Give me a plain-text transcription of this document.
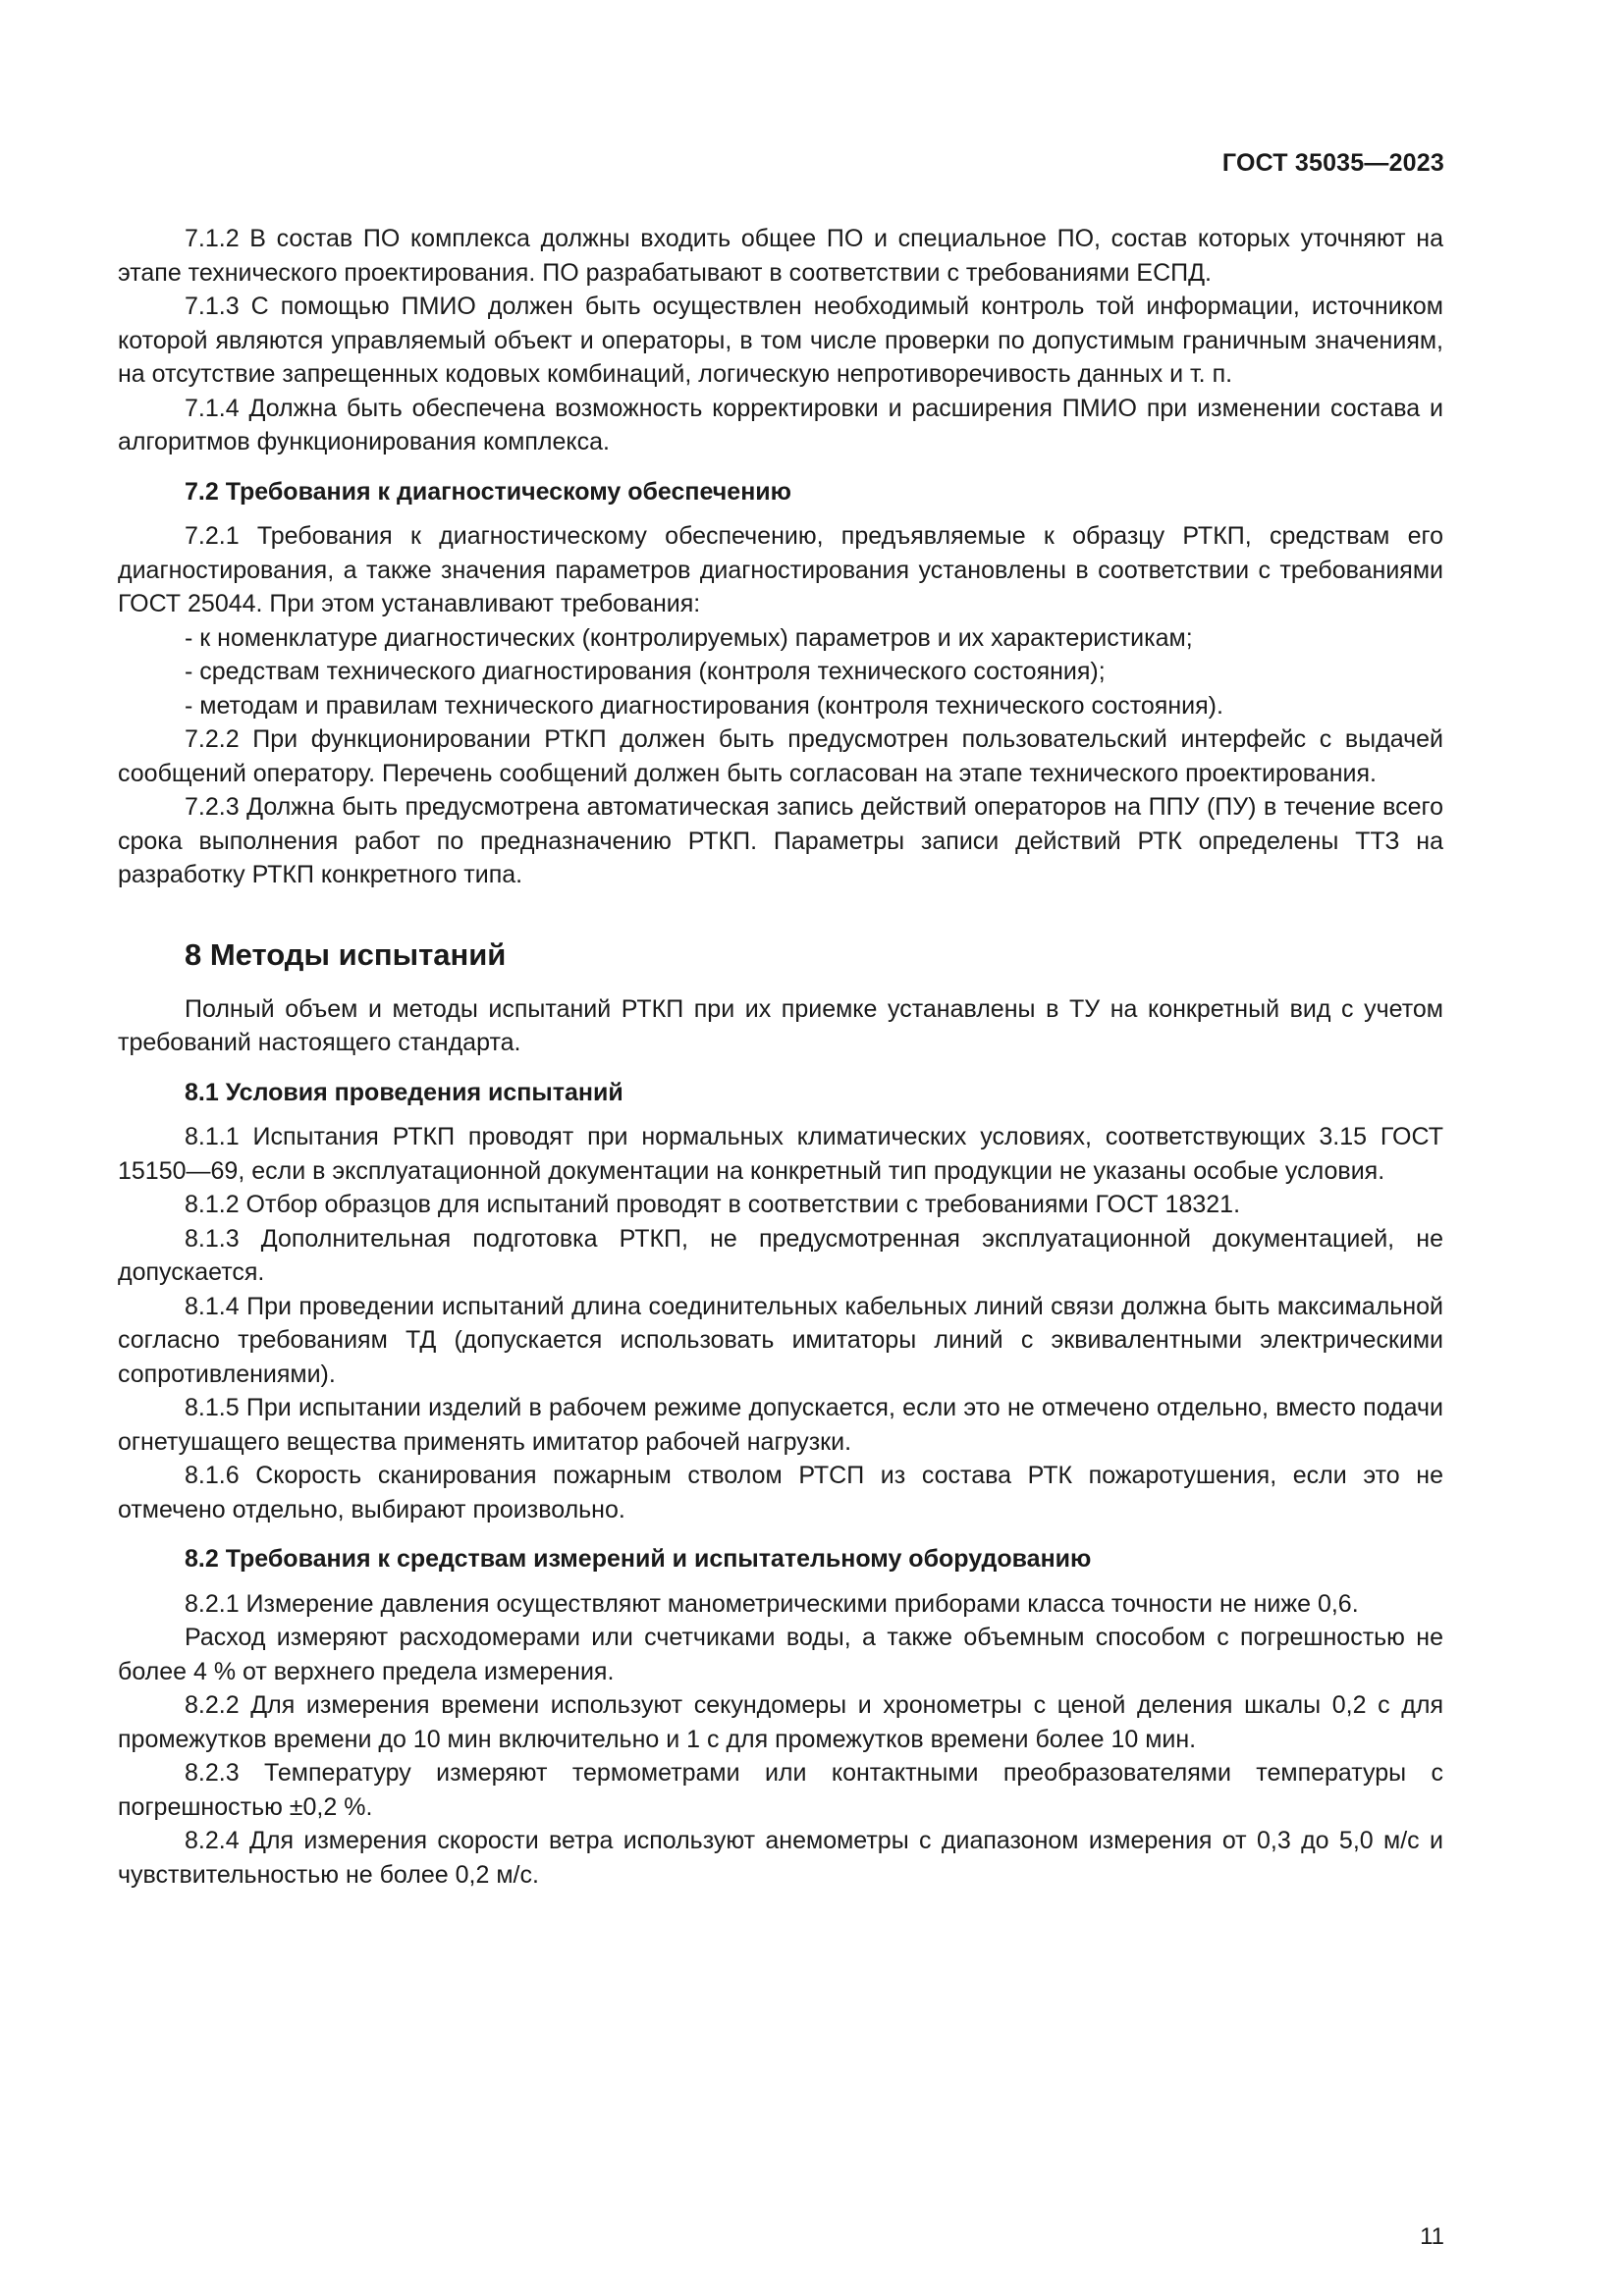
ГОСТ 35035—2023

7.1.2 В состав ПО комплекса должны входить общее ПО и специальное ПО, состав которых уточняют на этапе технического проектирования. ПО разрабатывают в соответствии с требованиями ЕСПД.

7.1.3 С помощью ПМИО должен быть осуществлен необходимый контроль той информации, источником которой являются управляемый объект и операторы, в том числе проверки по допустимым граничным значениям, на отсутствие запрещенных кодовых комбинаций, логическую непротиворечивость данных и т. п.

7.1.4 Должна быть обеспечена возможность корректировки и расширения ПМИО при изменении состава и алгоритмов функционирования комплекса.

7.2 Требования к диагностическому обеспечению

7.2.1 Требования к диагностическому обеспечению, предъявляемые к образцу РТКП, средствам его диагностирования, а также значения параметров диагностирования установлены в соответствии с требованиями ГОСТ 25044. При этом устанавливают требования:

- к номенклатуре диагностических (контролируемых) параметров и их характеристикам;

- средствам технического диагностирования (контроля технического состояния);

- методам и правилам технического диагностирования (контроля технического состояния).

7.2.2 При функционировании РТКП должен быть предусмотрен пользовательский интерфейс с выдачей сообщений оператору. Перечень сообщений должен быть согласован на этапе технического проектирования.

7.2.3 Должна быть предусмотрена автоматическая запись действий операторов на ППУ (ПУ) в течение всего срока выполнения работ по предназначению РТКП. Параметры записи действий РТК определены ТТЗ на разработку РТКП конкретного типа.

8 Методы испытаний

Полный объем и методы испытаний РТКП при их приемке устанавлены в ТУ на конкретный вид с учетом требований настоящего стандарта.

8.1 Условия проведения испытаний

8.1.1 Испытания РТКП проводят при нормальных климатических условиях, соответствующих 3.15 ГОСТ 15150—69, если в эксплуатационной документации на конкретный тип продукции не указаны особые условия.

8.1.2 Отбор образцов для испытаний проводят в соответствии с требованиями ГОСТ 18321.

8.1.3 Дополнительная подготовка РТКП, не предусмотренная эксплуатационной документацией, не допускается.

8.1.4 При проведении испытаний длина соединительных кабельных линий связи должна быть максимальной согласно требованиям ТД (допускается использовать имитаторы линий с эквивалентными электрическими сопротивлениями).

8.1.5 При испытании изделий в рабочем режиме допускается, если это не отмечено отдельно, вместо подачи огнетушащего вещества применять имитатор рабочей нагрузки.

8.1.6 Скорость сканирования пожарным стволом РТСП из состава РТК пожаротушения, если это не отмечено отдельно, выбирают произвольно.

8.2 Требования к средствам измерений и испытательному оборудованию

8.2.1 Измерение давления осуществляют манометрическими приборами класса точности не ниже 0,6.

Расход измеряют расходомерами или счетчиками воды, а также объемным способом с погрешностью не более 4 % от верхнего предела измерения.

8.2.2 Для измерения времени используют секундомеры и хронометры с ценой деления шкалы 0,2 с для промежутков времени до 10 мин включительно и 1 с для промежутков времени более 10 мин.

8.2.3 Температуру измеряют термометрами или контактными преобразователями температуры с погрешностью ±0,2 %.

8.2.4 Для измерения скорости ветра используют анемометры с диапазоном измерения от 0,3 до 5,0 м/с и чувствительностью не более 0,2 м/с.

11
